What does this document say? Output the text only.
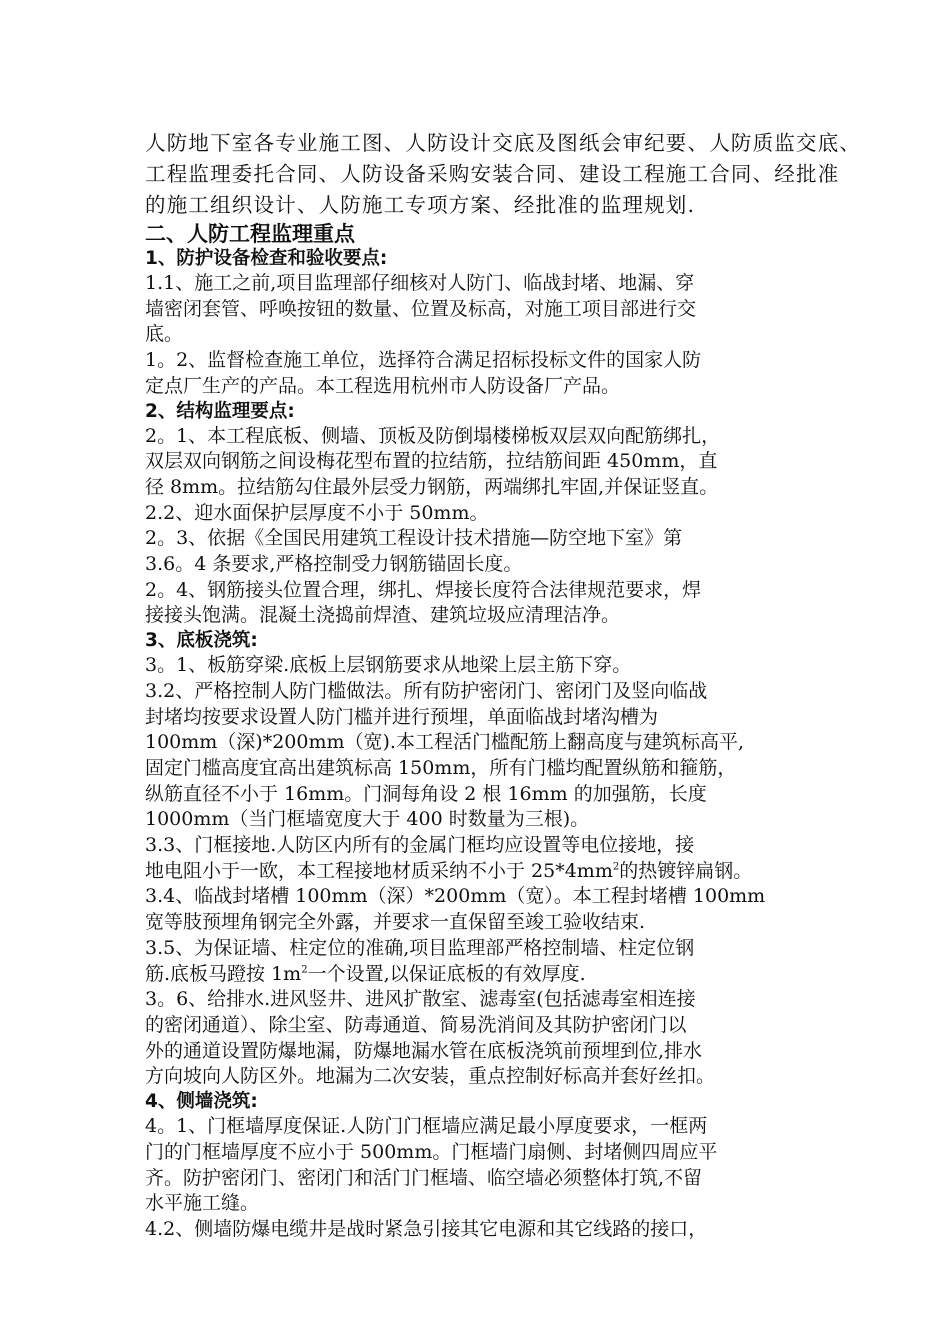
人防地下室各专业施工图、人防设计交底及图纸会审纪要、人防质监交底、
工程监理委托合同、人防设备采购安装合同、建设工程施工合同、经批准
的施工组织设计、人防施工专项方案、经批准的监理规划.
二、人防工程监理重点
1、防护设备检查和验收要点:
1.1、施工之前,项目监理部仔细核对人防门、临战封堵、地漏、穿
墙密闭套管、呼唤按钮的数量、位置及标高，对施工项目部进行交
底。
1。2、监督检查施工单位，选择符合满足招标投标文件的国家人防
定点厂生产的产品。本工程选用杭州市人防设备厂产品。
2、结构监理要点:
2。1、本工程底板、侧墙、顶板及防倒塌楼梯板双层双向配筋绑扎，
双层双向钢筋之间设梅花型布置的拉结筋，拉结筋间距 450mm，直
径 8mm。拉结筋勾住最外层受力钢筋，两端绑扎牢固,并保证竖直。
2.2、迎水面保护层厚度不小于 50mm。
2。3、依据《全国民用建筑工程设计技术措施—防空地下室》第
3.6。4 条要求,严格控制受力钢筋锚固长度。
2。4、钢筋接头位置合理，绑扎、焊接长度符合法律规范要求，焊
接接头饱满。混凝土浇捣前焊渣、建筑垃圾应清理洁净。
3、底板浇筑:
3。1、板筋穿梁.底板上层钢筋要求从地梁上层主筋下穿。
3.2、严格控制人防门槛做法。所有防护密闭门、密闭门及竖向临战
封堵均按要求设置人防门槛并进行预埋，单面临战封堵沟槽为
100mm（深)*200mm（宽).本工程活门槛配筋上翻高度与建筑标高平,
固定门槛高度宜高出建筑标高 150mm，所有门槛均配置纵筋和箍筋，
纵筋直径不小于 16mm。门洞每角设 2 根 16mm 的加强筋，长度
1000mm（当门框墙宽度大于 400 时数量为三根)。
3.3、门框接地.人防区内所有的金属门框均应设置等电位接地，接
地电阻小于一欧，本工程接地材质采纳不小于 $25*4mm^2$的热镀锌扁钢。
3.4、临战封堵槽 100mm（深）*200mm（宽）。本工程封堵槽 100mm
宽等肢预埋角钢完全外露，并要求一直保留至竣工验收结束.
3.5、为保证墙、柱定位的准确,项目监理部严格控制墙、柱定位钢
筋.底板马蹬按 $1m^2$一个设置,以保证底板的有效厚度.
3。6、给排水.进风竖井、进风扩散室、滤毒室(包括滤毒室相连接
的密闭通道）、除尘室、防毒通道、简易洗消间及其防护密闭门以
外的通道设置防爆地漏，防爆地漏水管在底板浇筑前预埋到位,排水
方向坡向人防区外。地漏为二次安装，重点控制好标高并套好丝扣。
4、侧墙浇筑:
4。1、门框墙厚度保证.人防门门框墙应满足最小厚度要求，一框两
门的门框墙厚度不应小于 500mm。门框墙门扇侧、封堵侧四周应平
齐。防护密闭门、密闭门和活门门框墙、临空墙必须整体打筑,不留
水平施工缝。
4.2、侧墙防爆电缆井是战时紧急引接其它电源和其它线路的接口，
